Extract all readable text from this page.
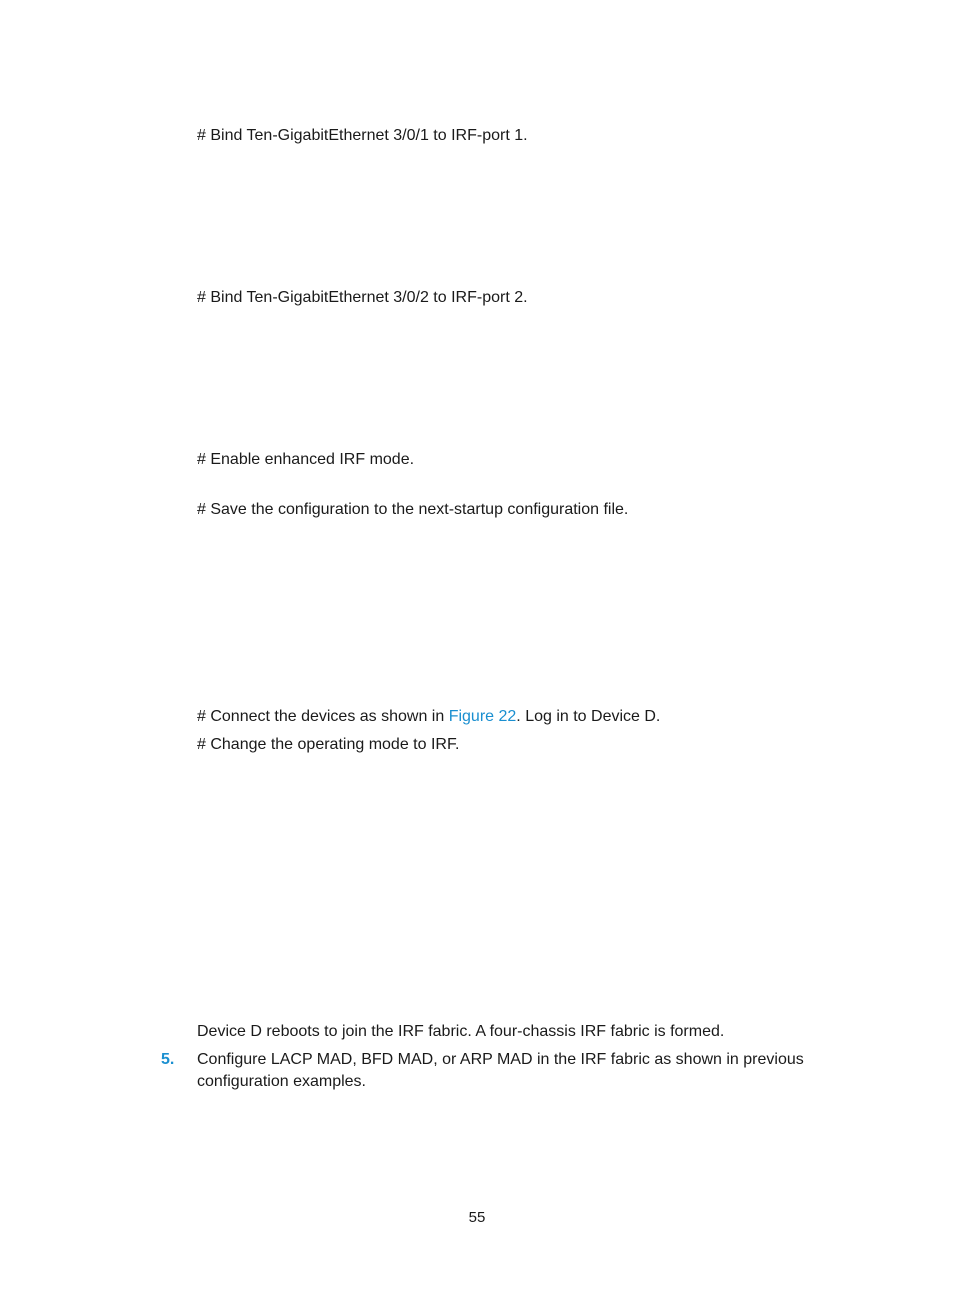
# Bind Ten-GigabitEthernet 3/0/1 to IRF-port 1.
# Bind Ten-GigabitEthernet 3/0/2 to IRF-port 2.
# Enable enhanced IRF mode.
# Save the configuration to the next-startup configuration file.
# Connect the devices as shown in Figure 22. Log in to Device D.
# Change the operating mode to IRF.
Device D reboots to join the IRF fabric. A four-chassis IRF fabric is formed.
5. Configure LACP MAD, BFD MAD, or ARP MAD in the IRF fabric as shown in previous
configuration examples.
55
